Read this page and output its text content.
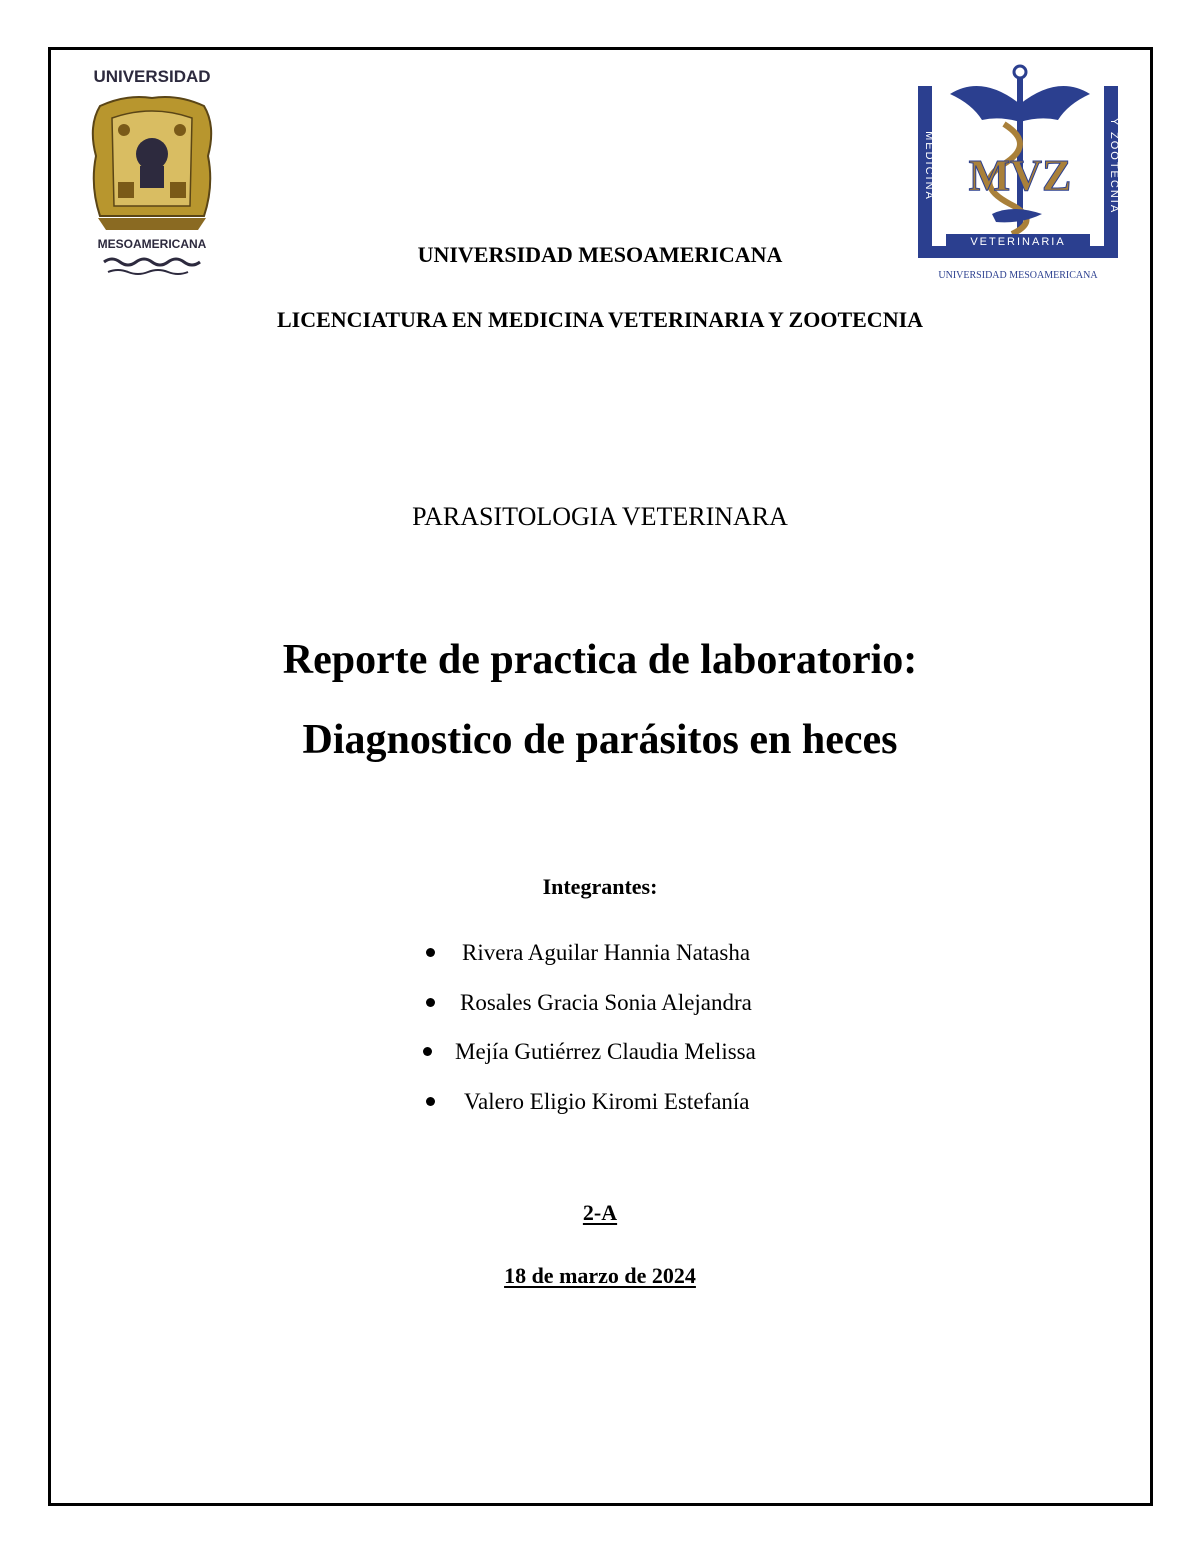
UNIVERSIDAD
MESOAMERICANA
MEDICINA	Y ZOOTECNIA
MVZ
VETERINARIA
UNIVERSIDAD MESOAMERICANA

UNIVERSIDAD MESOAMERICANA

LICENCIATURA EN MEDICINA VETERINARIA Y ZOOTECNIA

PARASITOLOGIA VETERINARA

Reporte de practica de laboratorio:

Diagnostico de parásitos en heces

Integrantes:

Rivera Aguilar Hannia Natasha
Rosales Gracia Sonia Alejandra
Mejía Gutiérrez Claudia Melissa
Valero Eligio Kiromi Estefanía

2-A

18 de marzo de 2024
